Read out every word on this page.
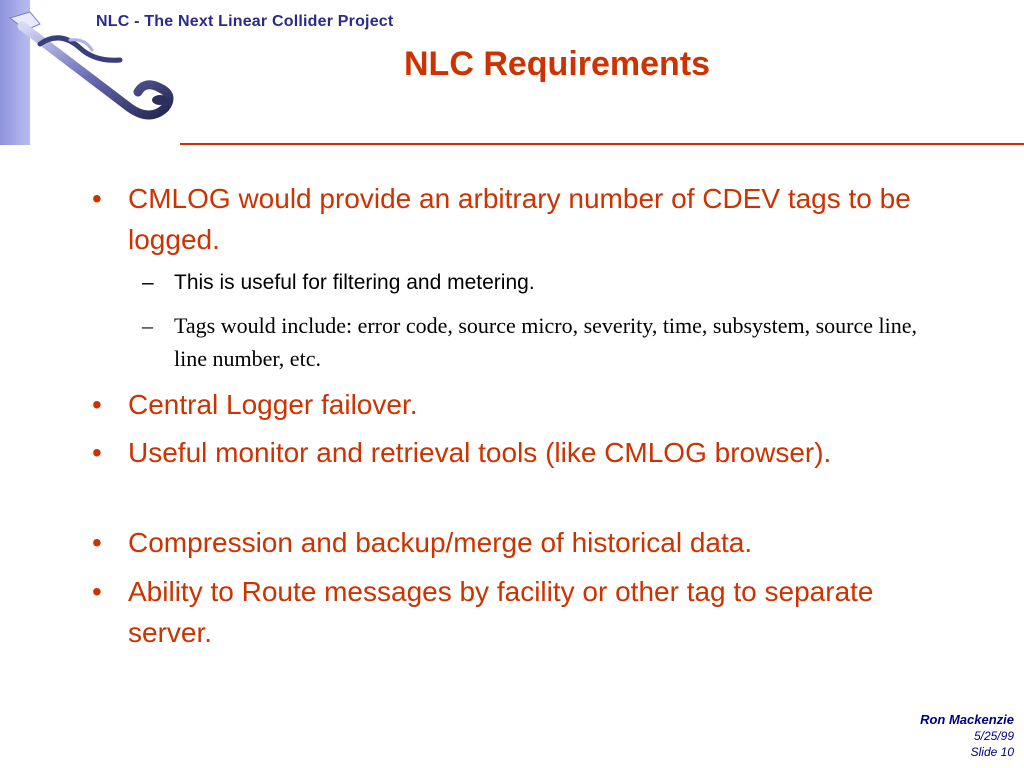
NLC - The Next Linear Collider Project
NLC Requirements
• CMLOG would provide an arbitrary number of CDEV tags to be logged.
– This is useful for filtering and metering.
– Tags would include: error code, source micro, severity, time, subsystem, source line, line number, etc.
• Central Logger failover.
• Useful monitor and retrieval tools (like CMLOG browser).
• Compression and backup/merge of historical data.
• Ability to Route messages by facility or other tag to separate server.
Ron Mackenzie
5/25/99
Slide 10
